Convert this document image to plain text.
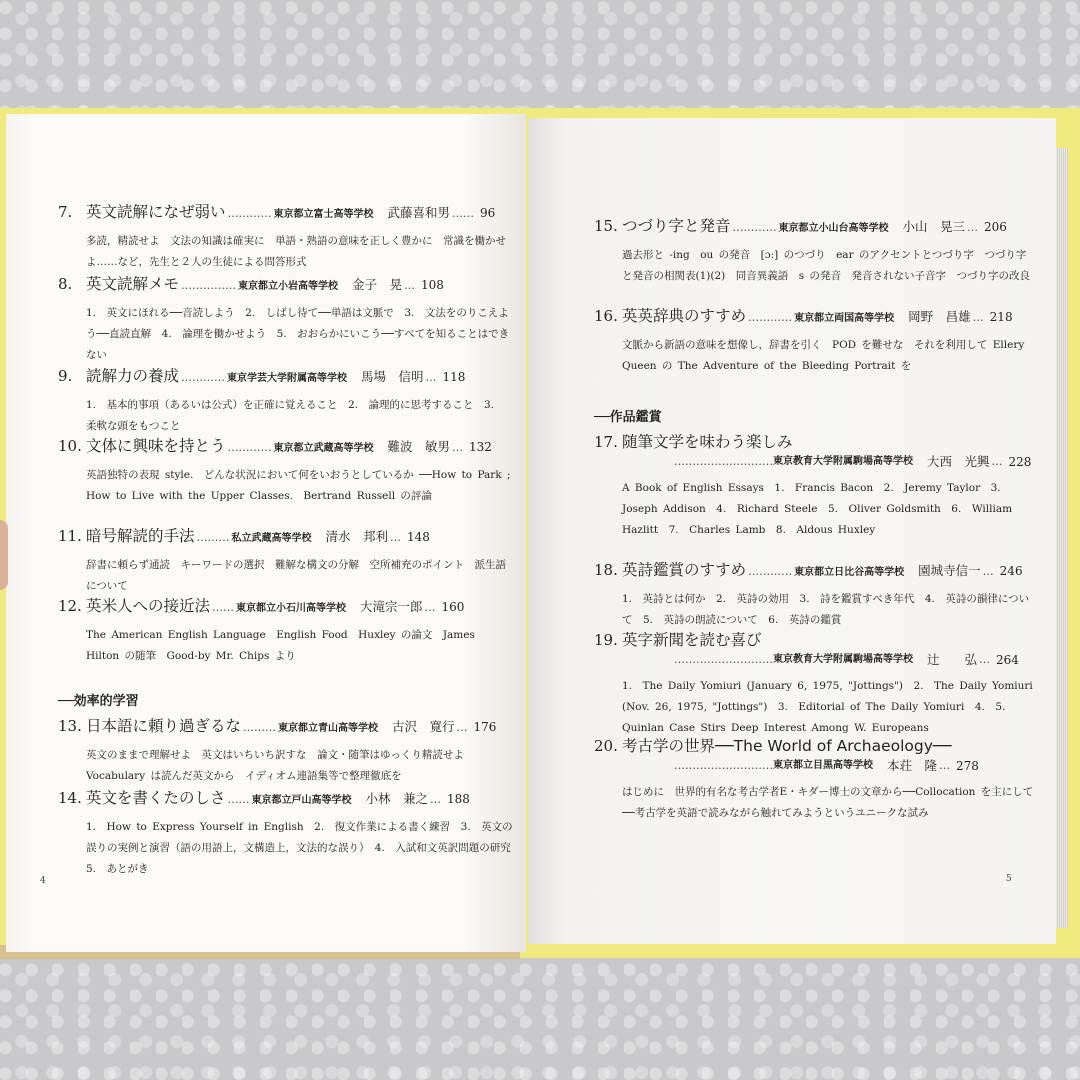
7. 英文読解になぜ弱い ………… 東京都立富士高等学校 武藤喜和男 …… 96
多読，精読せよ　文法の知識は確実に　単語・熟語の意味を正しく豊かに　常識を働かせよ……など，先生と２人の生徒による問答形式
8. 英文読解メモ …………… 東京都立小岩高等学校 金子　晃 … 108
1.　英文にほれる──音読しよう　2.　しばし待て──単語は文脈で　3.　文法をのりこえよう──直読直解　4.　論理を働かせよう　5.　おおらかにいこう──すべてを知ることはできない
9. 読解力の養成 ………… 東京学芸大学附属高等学校 馬場　信明 … 118
1.　基本的事項（あるいは公式）を正確に覚えること　2.　論理的に思考すること　3.　柔軟な頭をもつこと
10. 文体に興味を持とう ………… 東京都立武蔵高等学校 難波　敏男 … 132
英語独特の表現 style.　どんな状況において何をいおうとしているか ──How to Park ; How to Live with the Upper Classes.　Bertrand Russell の評論
11. 暗号解読的手法 ……… 私立武蔵高等学校 清水　邦利 … 148
辞書に頼らず通読　キーワードの選択　難解な構文の分解　空所補充のポイント　派生語について
12. 英米人への接近法 …… 東京都立小石川高等学校 大滝宗一郎 … 160
The American English Language　English Food　Huxley の論文　James Hilton の随筆　Good-by Mr. Chips より
──効率的学習
13. 日本語に頼り過ぎるな ……… 東京都立青山高等学校 古沢　寛行 … 176
英文のままで理解せよ　英文はいちいち訳すな　論文・随筆はゆっくり精読せよ　Vocabulary は読んだ英文から　イディオム連語集等で整理徹底を
14. 英文を書くたのしさ …… 東京都立戸山高等学校 小林　兼之 … 188
1.　How to Express Yourself in English　2.　復文作業による書く練習　3.　英文の誤りの実例と演習（語の用語上，文構造上，文法的な誤り）　4.　入試和文英訳問題の研究　5.　あとがき
4
15. つづり字と発音 ………… 東京都立小山台高等学校 小山　晃三 … 206
過去形と -ing　ou の発音　[ɔ:] のつづり　ear のアクセントとつづり字　つづり字と発音の相関表(1)(2)　同音異義語　s の発音　発音されない子音字　つづり字の改良
16. 英英辞典のすすめ ………… 東京都立両国高等学校 岡野　昌雄 … 218
文脈から新語の意味を想像し，辞書を引く　POD を難せな　それを利用して Ellery Queen の The Adventure of the Bleeding Portrait を
──作品鑑賞
17. 随筆文学を味わう楽しみ
……………………… 東京教育大学附属駒場高等学校 大西　光興 … 228
A Book of English Essays　1.　Francis Bacon　2.　Jeremy Taylor　3.　Joseph Addison　4.　Richard Steele　5.　Oliver Goldsmith　6.　William Hazlitt　7.　Charles Lamb　8.　Aldous Huxley
18. 英詩鑑賞のすすめ ………… 東京都立日比谷高等学校 園城寺信一 … 246
1.　英詩とは何か　2.　英詩の効用　3.　詩を鑑賞すべき年代　4.　英詩の韻律について　5.　英詩の朗読について　6.　英詩の鑑賞
19. 英字新聞を読む喜び
……………………… 東京教育大学附属駒場高等学校 辻　　弘 … 264
1.　The Daily Yomiuri (January 6, 1975, "Jottings")　2.　The Daily Yomiuri (Nov. 26, 1975, "Jottings")　3.　Editorial of The Daily Yomiuri　4.　5.　Quinlan Case Stirs Deep Interest Among W. Europeans
20. 考古学の世界──The World of Archaeology──
……………………… 東京都立目黒高等学校 本荘　隆 … 278
はじめに　世界的有名な考古学者E・キダー博士の文章から──Collocation を主にして──考古学を英語で読みながら触れてみようというユニークな試み
5
